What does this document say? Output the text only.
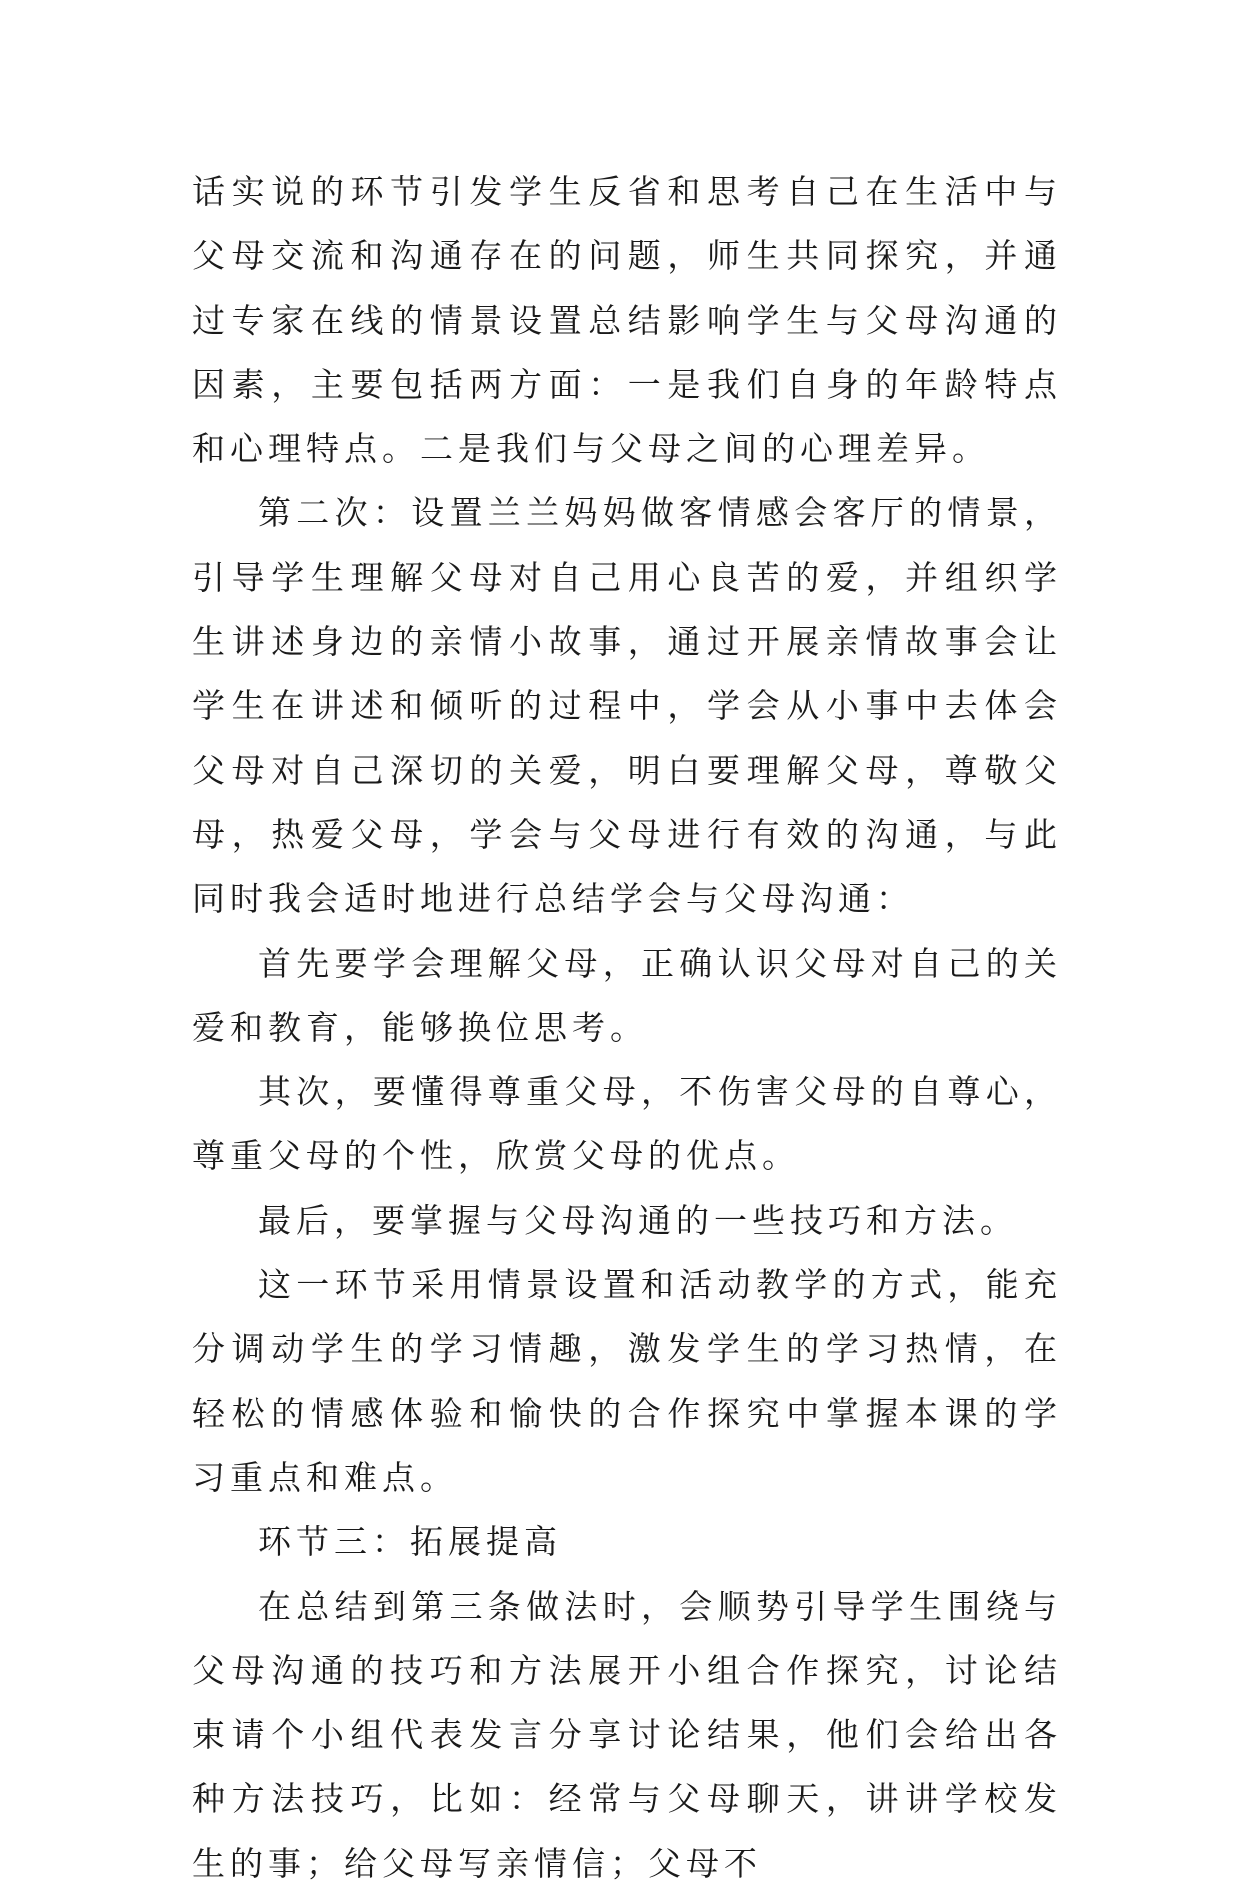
话实说的环节引发学生反省和思考自己在生活中与父母交流和沟通存在的问题，师生共同探究，并通过专家在线的情景设置总结影响学生与父母沟通的因素，主要包括两方面：一是我们自身的年龄特点和心理特点。二是我们与父母之间的心理差异。

第二次：设置兰兰妈妈做客情感会客厅的情景，引导学生理解父母对自己用心良苦的爱，并组织学生讲述身边的亲情小故事，通过开展亲情故事会让学生在讲述和倾听的过程中，学会从小事中去体会父母对自己深切的关爱，明白要理解父母，尊敬父母，热爱父母，学会与父母进行有效的沟通，与此同时我会适时地进行总结学会与父母沟通：

首先要学会理解父母，正确认识父母对自己的关爱和教育，能够换位思考。

其次，要懂得尊重父母，不伤害父母的自尊心，尊重父母的个性，欣赏父母的优点。

最后，要掌握与父母沟通的一些技巧和方法。

这一环节采用情景设置和活动教学的方式，能充分调动学生的学习情趣，激发学生的学习热情，在轻松的情感体验和愉快的合作探究中掌握本课的学习重点和难点。

环节三：拓展提高

在总结到第三条做法时，会顺势引导学生围绕与父母沟通的技巧和方法展开小组合作探究，讨论结束请个小组代表发言分享讨论结果，他们会给出各种方法技巧，比如：经常与父母聊天，讲讲学校发生的事；给父母写亲情信；父母不
